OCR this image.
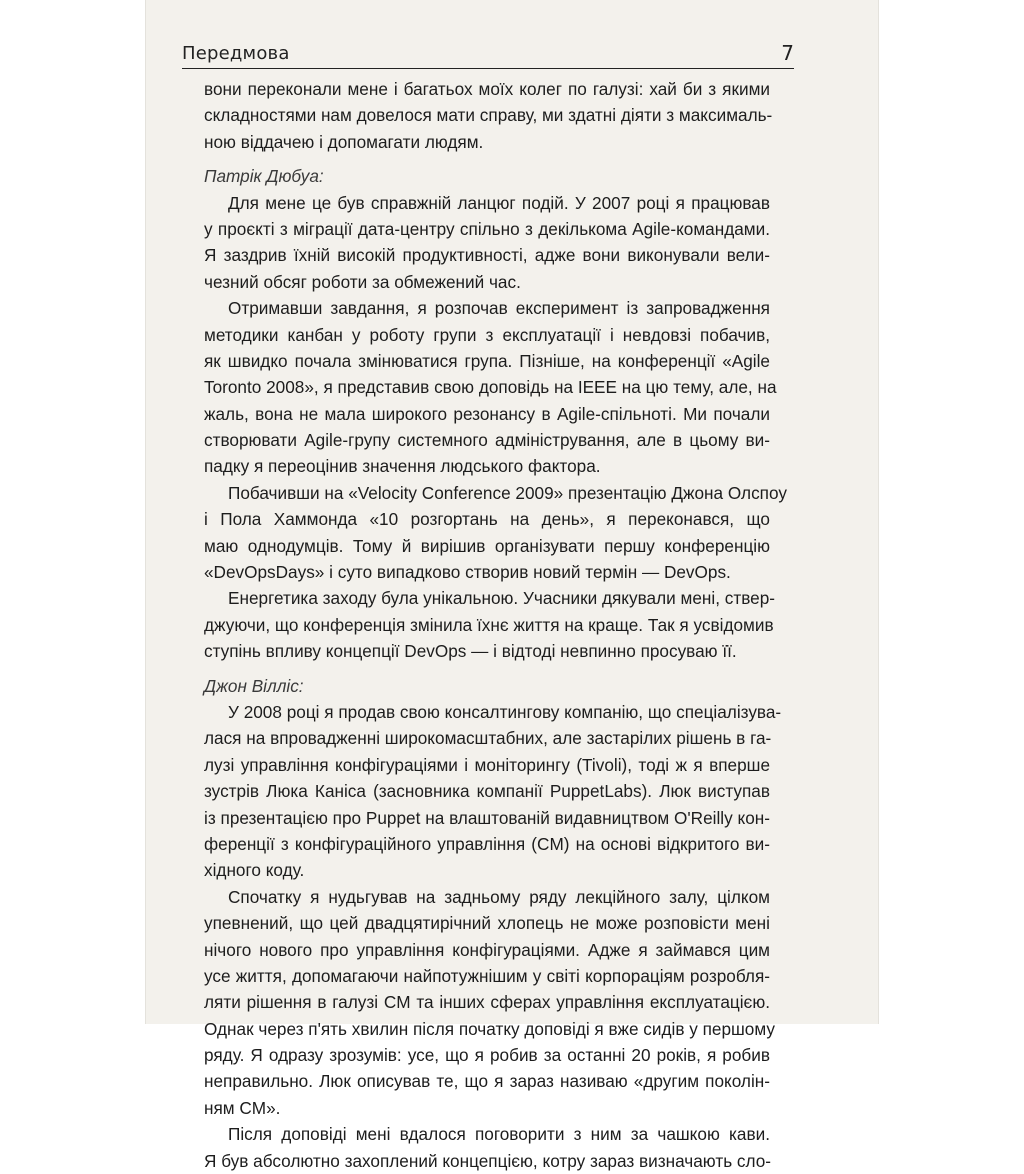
Передмова	7
вони переконали мене і багатьох моїх колег по галузі: хай би з якими
складностями нам довелося мати справу, ми здатні діяти з максималь-
ною віддачею і допомагати людям.
Патрік Дюбуа:
Для мене це був справжній ланцюг подій. У 2007 році я працював
у проєкті з міграції дата-центру спільно з декількома Agile-командами.
Я заздрив їхній високій продуктивності, адже вони виконували вели-
чезний обсяг роботи за обмежений час.
Отримавши завдання, я розпочав експеримент із запровадження
методики канбан у роботу групи з експлуатації і невдовзі побачив,
як швидко почала змінюватися група. Пізніше, на конференції «Agile
Toronto 2008», я представив свою доповідь на IEEE на цю тему, але, на
жаль, вона не мала широкого резонансу в Agile-спільноті. Ми почали
створювати Agile-групу системного адміністрування, але в цьому ви-
падку я переоцінив значення людського фактора.
Побачивши на «Velocity Conference 2009» презентацію Джона Олспоу
і Пола Хаммонда «10 розгортань на день», я переконався, що
маю однодумців. Тому й вирішив організувати першу конференцію
«DevOpsDays» і суто випадково створив новий термін — DevOps.
Енергетика заходу була унікальною. Учасники дякували мені, ствер-
джуючи, що конференція змінила їхнє життя на краще. Так я усвідомив
ступінь впливу концепції DevOps — і відтоді невпинно просуваю її.
Джон Вілліс:
У 2008 році я продав свою консалтингову компанію, що спеціалізува-
лася на впровадженні широкомасштабних, але застарілих рішень в га-
лузі управління конфігураціями і моніторингу (Tivoli), тоді ж я вперше
зустрів Люка Каніса (засновника компанії PuppetLabs). Люк виступав
із презентацією про Puppet на влаштованій видавництвом O'Reilly кон-
ференції з конфігураційного управління (CM) на основі відкритого ви-
хідного коду.
Спочатку я нудьгував на задньому ряду лекційного залу, цілком
упевнений, що цей двадцятирічний хлопець не може розповісти мені
нічого нового про управління конфігураціями. Адже я займався цим
усе життя, допомагаючи найпотужнішим у світі корпораціям розробля-
ляти рішення в галузі CM та інших сферах управління експлуатацією.
Однак через п'ять хвилин після початку доповіді я вже сидів у першому
ряду. Я одразу зрозумів: усе, що я робив за останні 20 років, я робив
неправильно. Люк описував те, що я зараз називаю «другим поколін-
ням CM».
Після доповіді мені вдалося поговорити з ним за чашкою кави.
Я був абсолютно захоплений концепцією, котру зараз визначають сло-
